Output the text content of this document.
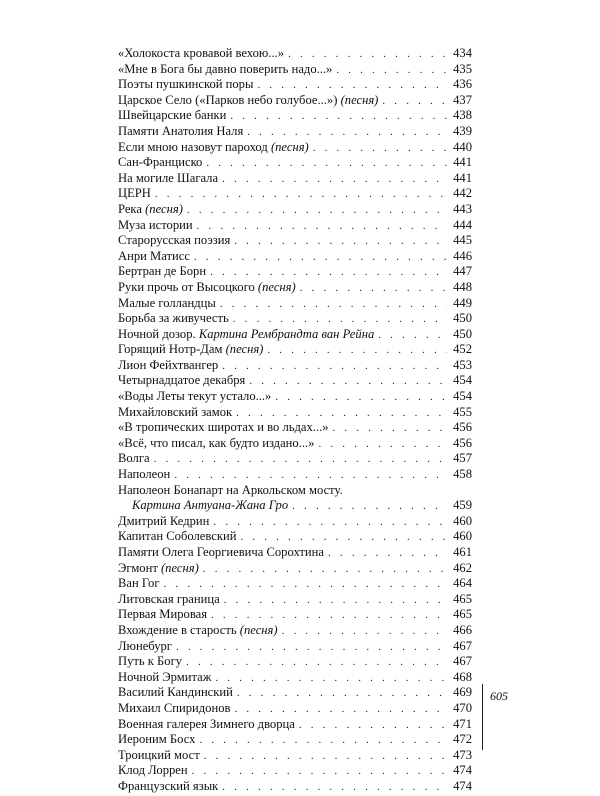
«Холокоста кровавой вехою...» . . .	434
«Мне в Бога бы давно поверить надо...» . . .	435
Поэты пушкинской поры . . .	436
Царское Село («Парков небо голубое...») (песня) . . .	437
Швейцарские банки . . .	438
Памяти Анатолия Наля . . .	439
Если мною назовут пароход (песня) . . .	440
Сан-Франциско . . .	441
На могиле Шагала . . .	441
ЦЕРН . . .	442
Река (песня) . . .	443
Муза истории . . .	444
Старорусская поэзия . . .	445
Анри Матисс . . .	446
Бертран де Борн . . .	447
Руки прочь от Высоцкого (песня) . . .	448
Малые голландцы . . .	449
Борьба за живучесть . . .	450
Ночной дозор. Картина Рембрандта ван Рейна . . .	450
Горящий Нотр-Дам (песня) . . .	452
Лион Фейхтвангер . . .	453
Четырнадцатое декабря . . .	454
«Воды Леты текут устало...» . . .	454
Михайловский замок . . .	455
«В тропических широтах и во льдах...» . . .	456
«Всё, что писал, как будто издано...» . . .	456
Волга . . .	457
Наполеон . . .	458
Наполеон Бонапарт на Аркольском мосту.
Картина Антуана-Жана Гро . . .	459
Дмитрий Кедрин . . .	460
Капитан Соболевский . . .	460
Памяти Олега Георгиевича Сорохтина . . .	461
Эгмонт (песня) . . .	462
Ван Гог . . .	464
Литовская граница . . .	465
Первая Мировая . . .	465
Вхождение в старость (песня) . . .	466
Люнебург . . .	467
Путь к Богу . . .	467
Ночной Эрмитаж . . .	468
Василий Кандинский . . .	469
Михаил Спиридонов . . .	470
Военная галерея Зимнего дворца . . .	471
Иероним Босх . . .	472
Троицкий мост . . .	473
Клод Лоррен . . .	474
Французский язык . . .	474
605
